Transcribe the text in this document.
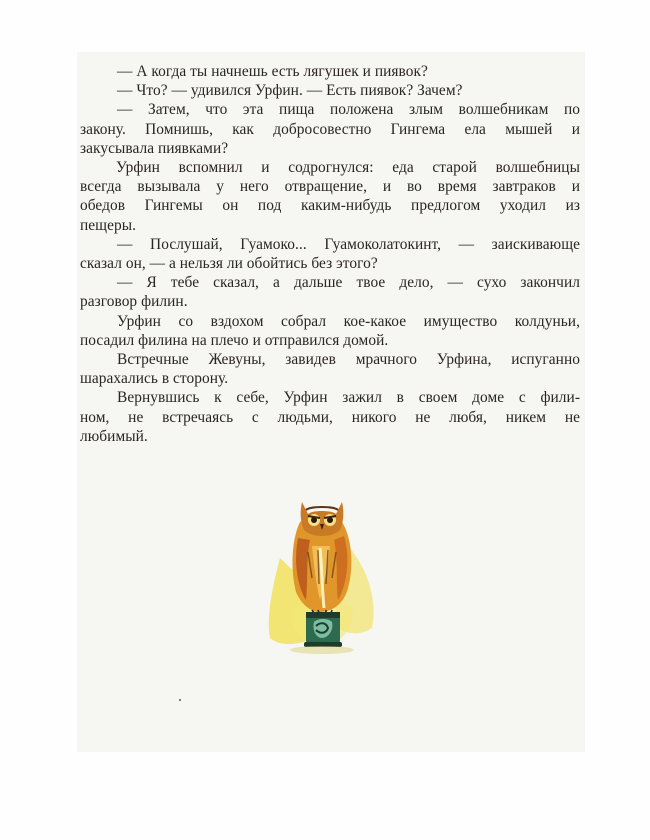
— А когда ты начнешь есть лягушек и пиявок?

— Что? — удивился Урфин. — Есть пиявок? Зачем?

— Затем, что эта пища положена злым волшебникам по
закону. Помнишь, как добросовестно Гингема ела мышей и
закусывала пиявками?

Урфин вспомнил и содрогнулся: еда старой волшебницы
всегда вызывала у него отвращение, и во время завтраков и
обедов Гингемы он под каким-нибудь предлогом уходил из
пещеры.

— Послушай, Гуамоко... Гуамоколатокинт, — заискивающе
сказал он, — а нельзя ли обойтись без этого?

— Я тебе сказал, а дальше твое дело, — сухо закончил
разговор филин.

Урфин со вздохом собрал кое-какое имущество колдуньи,
посадил филина на плечо и отправился домой.

Встречные Жевуны, завидев мрачного Урфина, испуганно
шарахались в сторону.

Вернувшись к себе, Урфин зажил в своем доме с фили-
ном, не встречаясь с людьми, никого не любя, никем не
любимый.
